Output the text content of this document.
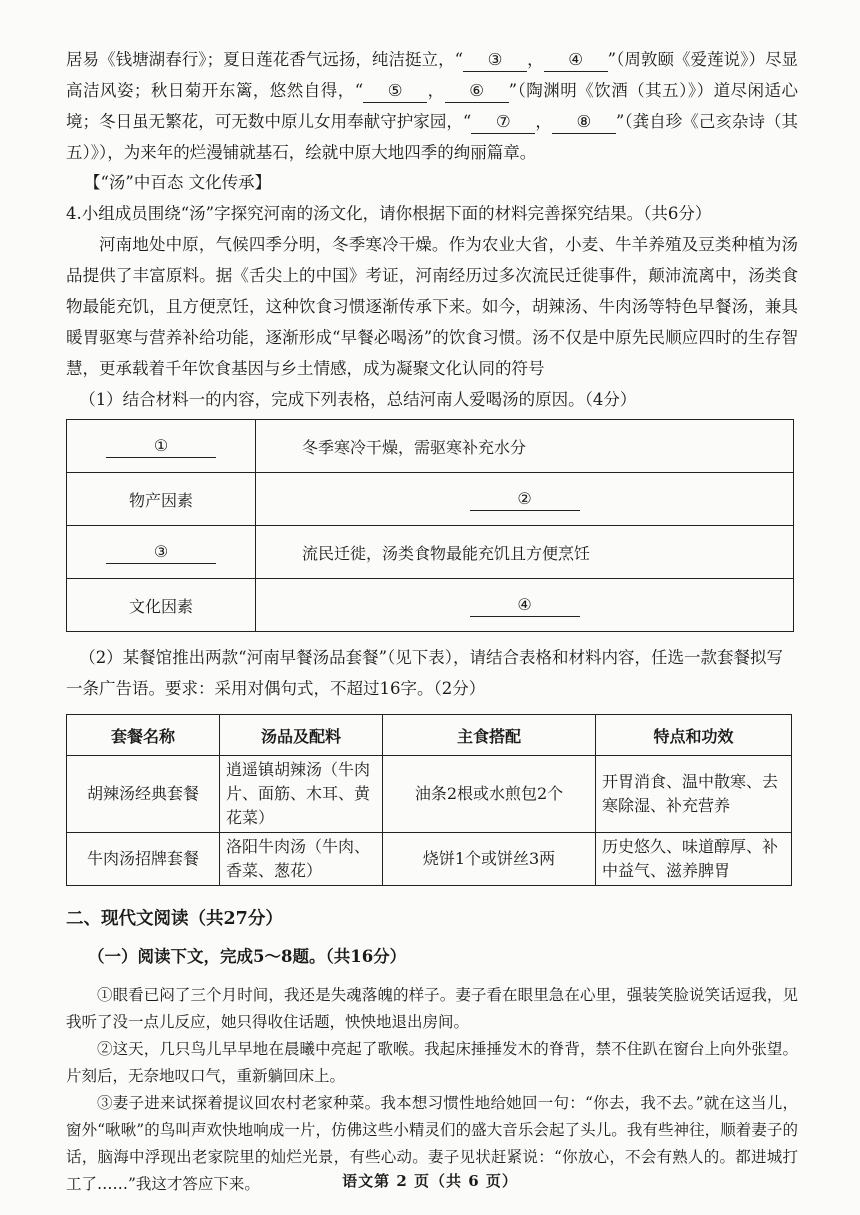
居易《钱塘湖春行》；夏日莲花香气远扬，纯洁挺立，“ ③ ， ④ ”（周敦颐《爱莲说》）尽显高洁风姿；秋日菊开东篱，悠然自得，“ ⑤ ， ⑥ ”（陶渊明《饮酒（其五）》）道尽闲适心境；冬日虽无繁花，可无数中原儿女用奉献守护家园，“ ⑦ ， ⑧ ”（龚自珍《己亥杂诗（其五）》），为来年的烂漫铺就基石，绘就中原大地四季的绚丽篇章。

【“汤”中百态 文化传承】

4.小组成员围绕“汤”字探究河南的汤文化，请你根据下面的材料完善探究结果。（共6分）

河南地处中原，气候四季分明，冬季寒冷干燥。作为农业大省，小麦、牛羊养殖及豆类种植为汤品提供了丰富原料。据《舌尖上的中国》考证，河南经历过多次流民迁徙事件，颠沛流离中，汤类食物最能充饥，且方便烹饪，这种饮食习惯逐渐传承下来。如今，胡辣汤、牛肉汤等特色早餐汤，兼具暖胃驱寒与营养补给功能，逐渐形成“早餐必喝汤”的饮食习惯。汤不仅是中原先民顺应四时的生存智慧，更承载着千年饮食基因与乡土情感，成为凝聚文化认同的符号

（1）结合材料一的内容，完成下列表格，总结河南人爱喝汤的原因。（4分）

①	冬季寒冷干燥，需驱寒补充水分
物产因素	②
③	流民迁徙，汤类食物最能充饥且方便烹饪
文化因素	④

（2）某餐馆推出两款“河南早餐汤品套餐”（见下表），请结合表格和材料内容，任选一款套餐拟写一条广告语。要求：采用对偶句式，不超过16字。（2分）

套餐名称	汤品及配料	主食搭配	特点和功效
胡辣汤经典套餐	逍遥镇胡辣汤（牛肉片、面筋、木耳、黄花菜）	油条2根或水煎包2个	开胃消食、温中散寒、去寒除湿、补充营养
牛肉汤招牌套餐	洛阳牛肉汤（牛肉、香菜、葱花）	烧饼1个或饼丝3两	历史悠久、味道醇厚、补中益气、滋养脾胃
二、现代文阅读（共27分）

（一）阅读下文，完成5～8题。（共16分）

①眼看已闷了三个月时间，我还是失魂落魄的样子。妻子看在眼里急在心里，强装笑脸说笑话逗我，见我听了没一点儿反应，她只得收住话题，怏怏地退出房间。

②这天，几只鸟儿早早地在晨曦中亮起了歌喉。我起床捶捶发木的脊背，禁不住趴在窗台上向外张望。片刻后，无奈地叹口气，重新躺回床上。

③妻子进来试探着提议回农村老家种菜。我本想习惯性地给她回一句：“你去，我不去。”就在这当儿，窗外“啾啾”的鸟叫声欢快地响成一片，仿佛这些小精灵们的盛大音乐会起了头儿。我有些神往，顺着妻子的话，脑海中浮现出老家院里的灿烂光景，有些心动。妻子见状赶紧说：“你放心，不会有熟人的。都进城打工了……”我这才答应下来。	语文第 2 页（共 6 页）
